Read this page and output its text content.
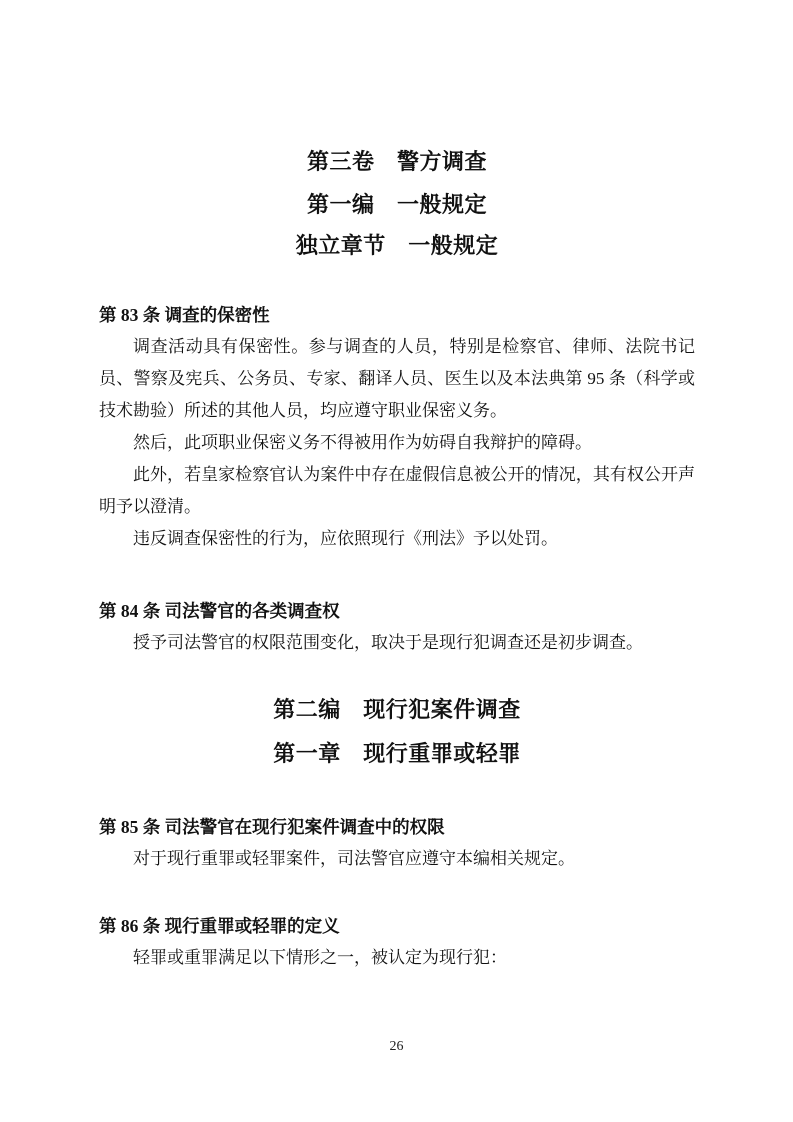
第三卷　警方调查
第一编　一般规定
独立章节　一般规定
第 83 条 调查的保密性

调查活动具有保密性。参与调查的人员，特别是检察官、律师、法院书记员、警察及宪兵、公务员、专家、翻译人员、医生以及本法典第 95 条（科学或技术勘验）所述的其他人员，均应遵守职业保密义务。

然后，此项职业保密义务不得被用作为妨碍自我辩护的障碍。

此外，若皇家检察官认为案件中存在虚假信息被公开的情况，其有权公开声明予以澄清。

违反调查保密性的行为，应依照现行《刑法》予以处罚。

第 84 条 司法警官的各类调查权

授予司法警官的权限范围变化，取决于是现行犯调查还是初步调查。

第二编　现行犯案件调查
第一章　现行重罪或轻罪
第 85 条 司法警官在现行犯案件调查中的权限

对于现行重罪或轻罪案件，司法警官应遵守本编相关规定。

第 86 条 现行重罪或轻罪的定义

轻罪或重罪满足以下情形之一，被认定为现行犯：

26
